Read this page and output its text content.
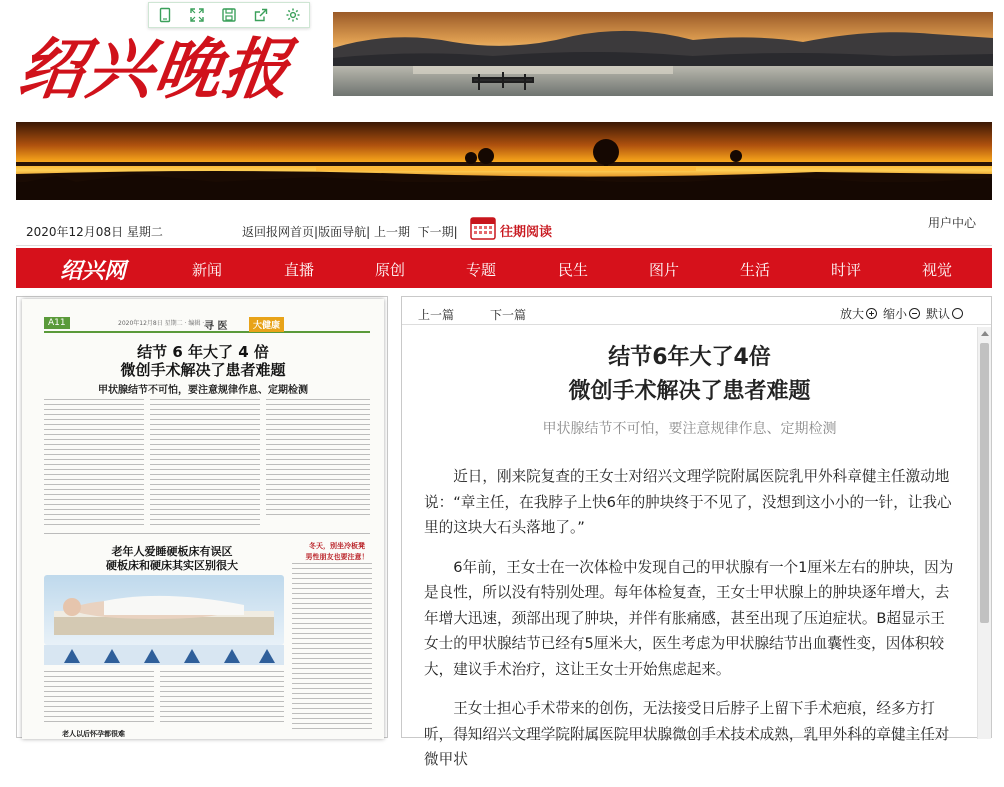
绍兴晚报
2020年12月08日 星期二	返回报网首页|版面导航| 上一期 下一期|	往期阅读
用户中心
绍兴网	新闻	直播	原创	专题	民生	图片	生活	时评	视觉
A11	2020年12月8日 星期二 · 编辑 · 寻 医	大健康
结节 6 年大了 4 倍
微创手术解决了患者难题
甲状腺结节不可怕，要注意规律作息、定期检测
老年人爱睡硬板床有误区
硬板床和硬床其实区别很大
冬天，别坐冷板凳
男性朋友也要注意！
老人以后怀孕都很难
上一篇	下一篇	放大 缩小 默认
结节6年大了4倍
微创手术解决了患者难题
甲状腺结节不可怕，要注意规律作息、定期检测

近日，刚来院复查的王女士对绍兴文理学院附属医院乳甲外科章健主任激动地说：“章主任，在我脖子上快6年的肿块终于不见了，没想到这小小的一针，让我心里的这块大石头落地了。”

6年前，王女士在一次体检中发现自己的甲状腺有一个1厘米左右的肿块，因为是良性，所以没有特别处理。每年体检复查，王女士甲状腺上的肿块逐年增大，去年增大迅速，颈部出现了肿块，并伴有胀痛感，甚至出现了压迫症状。B超显示王女士的甲状腺结节已经有5厘米大，医生考虑为甲状腺结节出血囊性变，因体积较大，建议手术治疗，这让王女士开始焦虑起来。

王女士担心手术带来的创伤，无法接受日后脖子上留下手术疤痕，经多方打听，得知绍兴文理学院附属医院甲状腺微创手术技术成熟，乳甲外科的章健主任对微甲状
